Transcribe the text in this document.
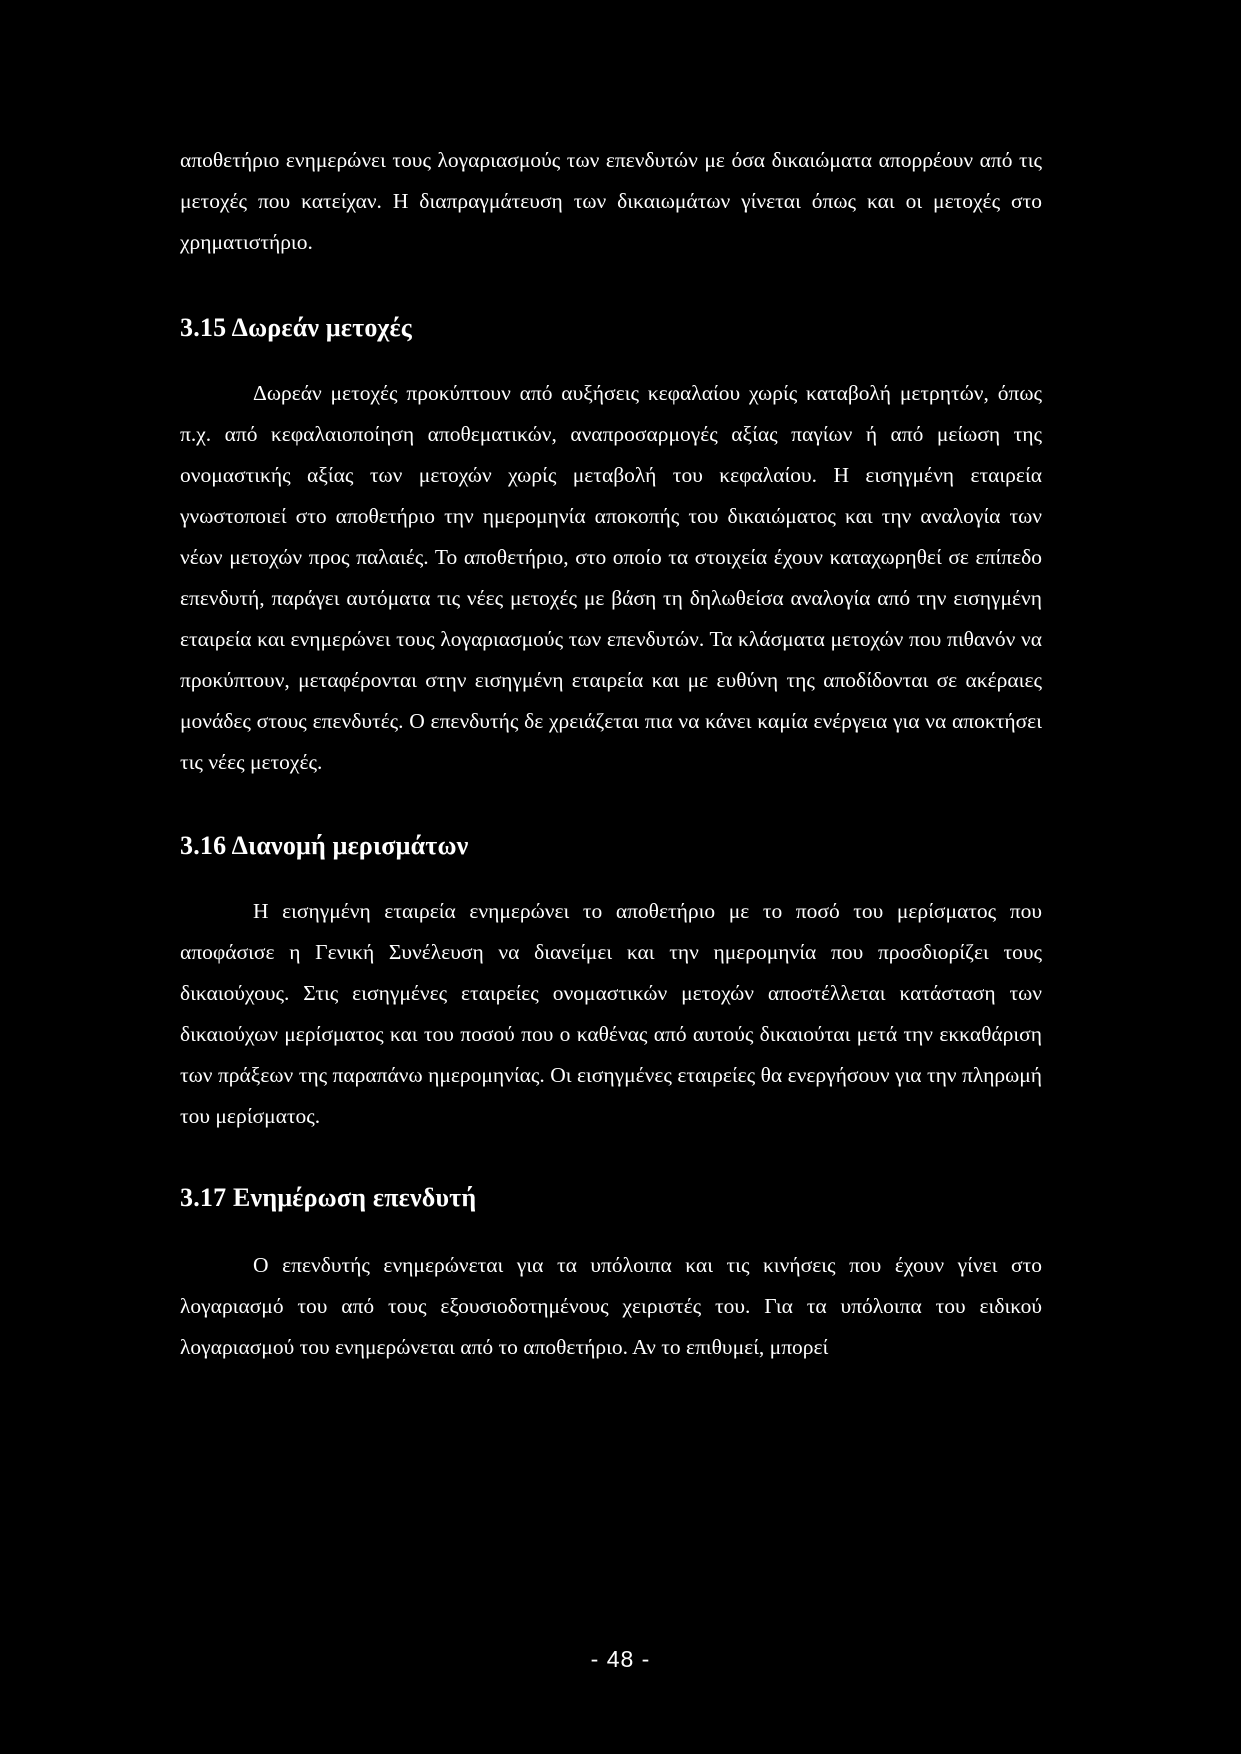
αποθετήριο ενημερώνει τους λογαριασμούς των επενδυτών με όσα δικαιώματα απορρέουν από τις μετοχές που κατείχαν. Η διαπραγμάτευση των δικαιωμάτων γίνεται όπως και οι μετοχές στο χρηματιστήριο.

3.15 Δωρεάν μετοχές

Δωρεάν μετοχές προκύπτουν από αυξήσεις κεφαλαίου χωρίς καταβολή μετρητών, όπως π.χ. από κεφαλαιοποίηση αποθεματικών, αναπροσαρμογές αξίας παγίων ή από μείωση της ονομαστικής αξίας των μετοχών χωρίς μεταβολή του κεφαλαίου. Η εισηγμένη εταιρεία γνωστοποιεί στο αποθετήριο την ημερομηνία αποκοπής του δικαιώματος και την αναλογία των νέων μετοχών προς παλαιές. Το αποθετήριο, στο οποίο τα στοιχεία έχουν καταχωρηθεί σε επίπεδο επενδυτή, παράγει αυτόματα τις νέες μετοχές με βάση τη δηλωθείσα αναλογία από την εισηγμένη εταιρεία και ενημερώνει τους λογαριασμούς των επενδυτών. Τα κλάσματα μετοχών που πιθανόν να προκύπτουν, μεταφέρονται στην εισηγμένη εταιρεία και με ευθύνη της αποδίδονται σε ακέραιες μονάδες στους επενδυτές. Ο επενδυτής δε χρειάζεται πια να κάνει καμία ενέργεια για να αποκτήσει τις νέες μετοχές.

3.16 Διανομή μερισμάτων

Η εισηγμένη εταιρεία ενημερώνει το αποθετήριο με το ποσό του μερίσματος που αποφάσισε η Γενική Συνέλευση να διανείμει και την ημερομηνία που προσδιορίζει τους δικαιούχους. Στις εισηγμένες εταιρείες ονομαστικών μετοχών αποστέλλεται κατάσταση των δικαιούχων μερίσματος και του ποσού που ο καθένας από αυτούς δικαιούται μετά την εκκαθάριση των πράξεων της παραπάνω ημερομηνίας. Οι εισηγμένες εταιρείες θα ενεργήσουν για την πληρωμή του μερίσματος.

3.17 Ενημέρωση επενδυτή

Ο επενδυτής ενημερώνεται για τα υπόλοιπα και τις κινήσεις που έχουν γίνει στο λογαριασμό του από τους εξουσιοδοτημένους χειριστές του. Για τα υπόλοιπα του ειδικού λογαριασμού του ενημερώνεται από το αποθετήριο. Αν το επιθυμεί, μπορεί

- 48 -
